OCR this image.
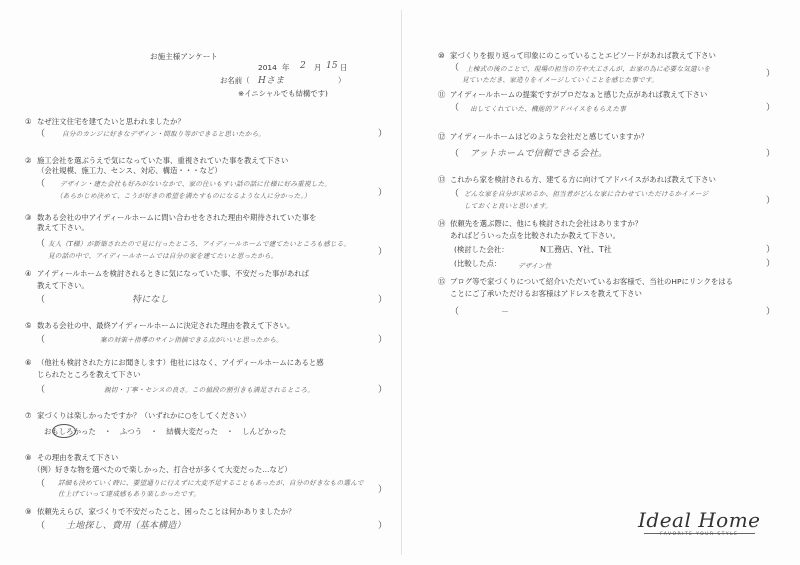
お施主様アンケート
2014 年 2 月 15 日
お名前（ Hさま	）
※イニシャルでも結構です)
① なぜ注文住宅を建てたいと思われましたか？
（	自分のカンジに好きなデザイン・間取り等ができると思いたから。	）
② 施工会社を選ぶうえで気になっていた事、重視されていた事を教えて下さい
（会社規模、施工力、センス、対応、構造・・・など）
（ デザイン・建た会社も好みがないなかで、家の住いもすい話の話に仕様に好み重視した。
（あらかじめ決めて、こうが好きの希望を満たすものになるような人に分かった。）	）
③ 数ある会社の中アイディールホームに問い合わせをされた理由や期待されていた事を
教えて下さい。
（ 友人（T様）が新築されたので見に行ったところ、アイディールホームで建てたいところも感じる。
見の話の中で、アイディールホームでは自分の家を建てたいと思ったから。	）
④ アイディールホームを検討されるときに気になっていた事、不安だった事があれば
教えて下さい。
（	特になし	）
⑤ 数ある会社の中、最終アイディールホームに決定された理由を教えて下さい。
（	案の対策＋指導のサイン指摘できる点がいいと思ったから。	）
⑥ （他社も検討された方にお聞きします）他社にはなく、アイディールホームにあると感
じられたところを教えて下さい
（	親切・丁寧・センスの良さ。この値段の割引きも満足されるところ。	）
⑦ 家づくりは楽しかったですか？（いずれかに○をしてください）
おもしろかった ・ ふつう ・ 結構大変だった ・ しんどかった
⑧ その理由を教えて下さい
（例）好きな物を選べたので楽しかった、打合せが多くて大変だった…など）
（ 詳細も決めていく時に、要望通りに行えずに大変不足することもあったが、自分の好きなもの選んで
仕上げていって達成感もあり楽しかったです。	）
⑨ 依頼先えらび、家づくりで不安だったこと、困ったことは何かありましたか？
（ 土地探し、費用（基本構造）	）
⑩ 家づくりを振り返って印象にのこっていることエピソードがあれば教えて下さい
（ 上棟式の後のことで、現場の担当の方や大工さんが、お家の為に必要な気遣いを
見ていただき、家造りをイメージしていくことを感じた事です。
）
⑪ アイディールホームの提案ですがプロだなぁと感じた点があれば教えて下さい
（ 出してくれていた、機能的アドバイスをもらえた事	）
⑫ アイディールホームはどのような会社だと感じていますか？
（ アットホームで信頼できる会社。	）
⑬ これから家を検討される方、建てる方に向けてアドバイスがあれば教えて下さい
（ どんな家を自分が求めるか、担当者がどんな家に合わせていただけるかイメージ
しておくと良いと思います。	）
⑭ 依頼先を選ぶ際に、他にも検討された会社はありますか？
あればどういった点を比較されたか教えて下さい。
(検討した会社：	N工務店、Y社、T社	）
(比較した点：	デザイン性	）
⑮ ブログ等で家づくりについて紹介いただいているお客様で、当社のHPにリンクをはる
ことにご了承いただけるお客様はアドレスを教えて下さい
（	）
Ideal Home
FAVORITE YOUR STYLE
